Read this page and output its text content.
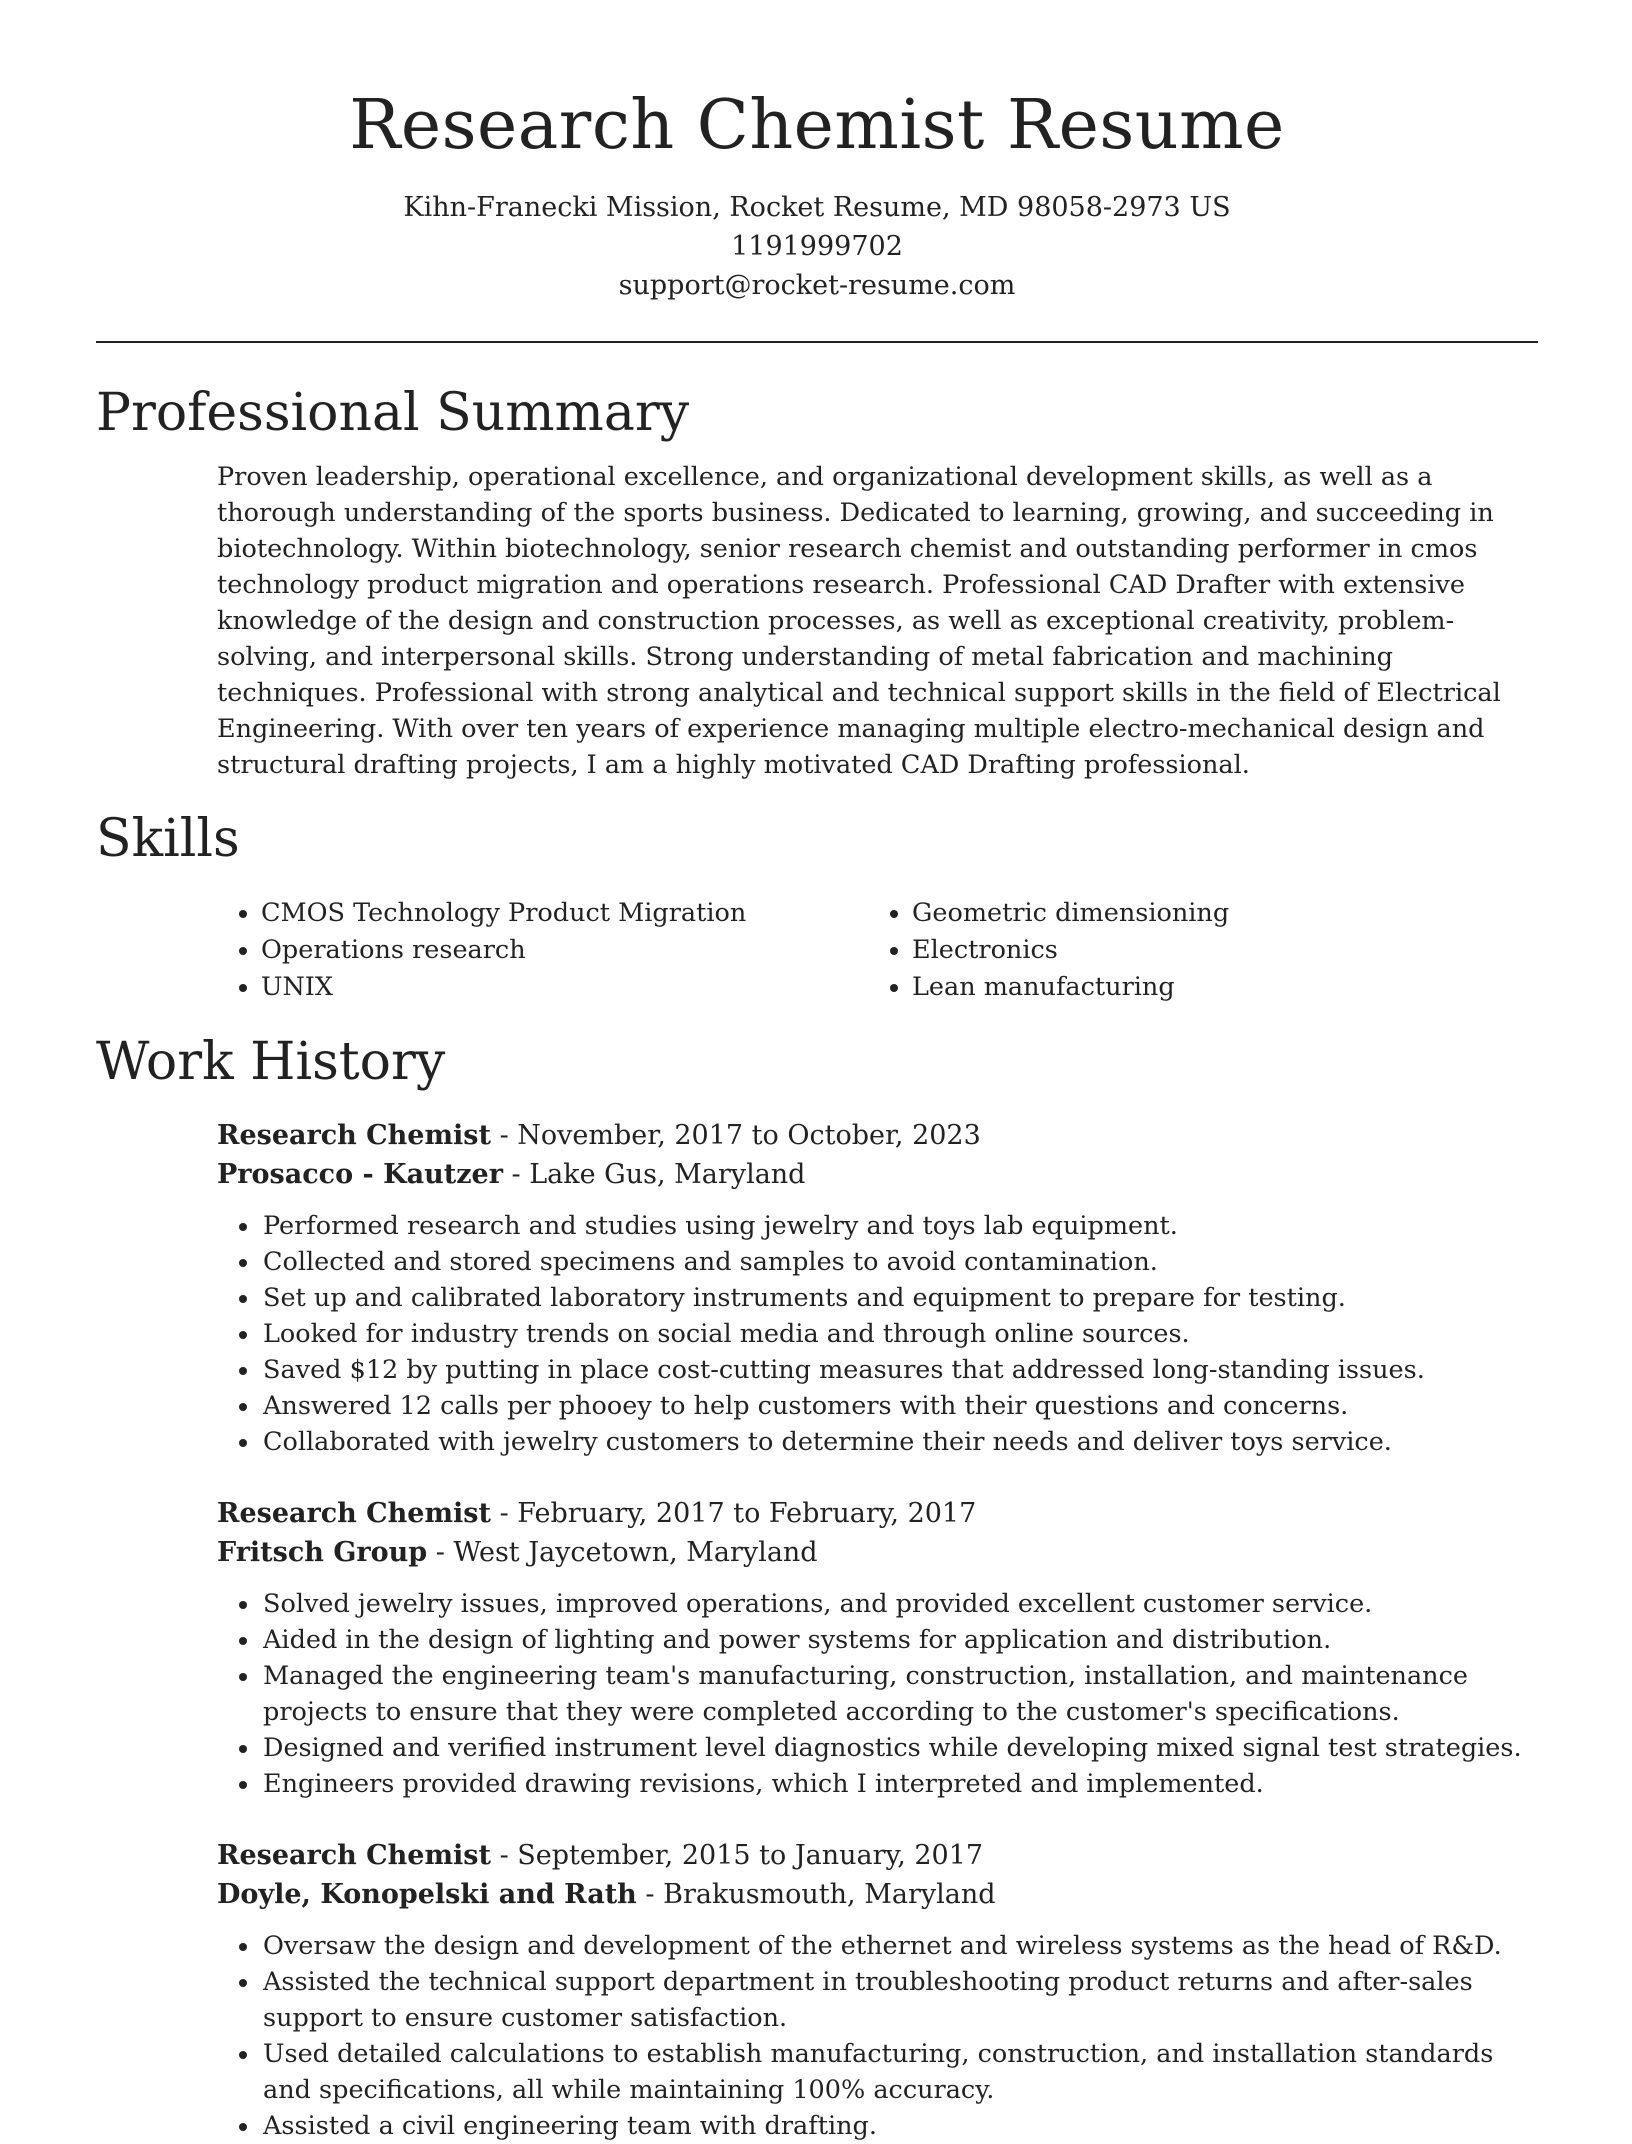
Research Chemist Resume
Kihn-Franecki Mission, Rocket Resume, MD 98058-2973 US
1191999702
support@rocket-resume.com
Professional Summary

Proven leadership, operational excellence, and organizational development skills, as well as a thorough understanding of the sports business. Dedicated to learning, growing, and succeeding in biotechnology. Within biotechnology, senior research chemist and outstanding performer in cmos technology product migration and operations research. Professional CAD Drafter with extensive knowledge of the design and construction processes, as well as exceptional creativity, problem-solving, and interpersonal skills. Strong understanding of metal fabrication and machining techniques. Professional with strong analytical and technical support skills in the field of Electrical Engineering. With over ten years of experience managing multiple electro-mechanical design and structural drafting projects, I am a highly motivated CAD Drafting professional.

Skills
• CMOS Technology Product Migration
• Operations research
• UNIX
• Geometric dimensioning
• Electronics
• Lean manufacturing
Work History
Research Chemist - November, 2017 to October, 2023
Prosacco - Kautzer - Lake Gus, Maryland
• Performed research and studies using jewelry and toys lab equipment.
• Collected and stored specimens and samples to avoid contamination.
• Set up and calibrated laboratory instruments and equipment to prepare for testing.
• Looked for industry trends on social media and through online sources.
• Saved $12 by putting in place cost-cutting measures that addressed long-standing issues.
• Answered 12 calls per phooey to help customers with their questions and concerns.
• Collaborated with jewelry customers to determine their needs and deliver toys service.
Research Chemist - February, 2017 to February, 2017
Fritsch Group - West Jaycetown, Maryland
• Solved jewelry issues, improved operations, and provided excellent customer service.
• Aided in the design of lighting and power systems for application and distribution.
• Managed the engineering team's manufacturing, construction, installation, and maintenance projects to ensure that they were completed according to the customer's specifications.
• Designed and verified instrument level diagnostics while developing mixed signal test strategies.
• Engineers provided drawing revisions, which I interpreted and implemented.
Research Chemist - September, 2015 to January, 2017
Doyle, Konopelski and Rath - Brakusmouth, Maryland
• Oversaw the design and development of the ethernet and wireless systems as the head of R&D.
• Assisted the technical support department in troubleshooting product returns and after-sales support to ensure customer satisfaction.
• Used detailed calculations to establish manufacturing, construction, and installation standards and specifications, all while maintaining 100% accuracy.
• Assisted a civil engineering team with drafting.
